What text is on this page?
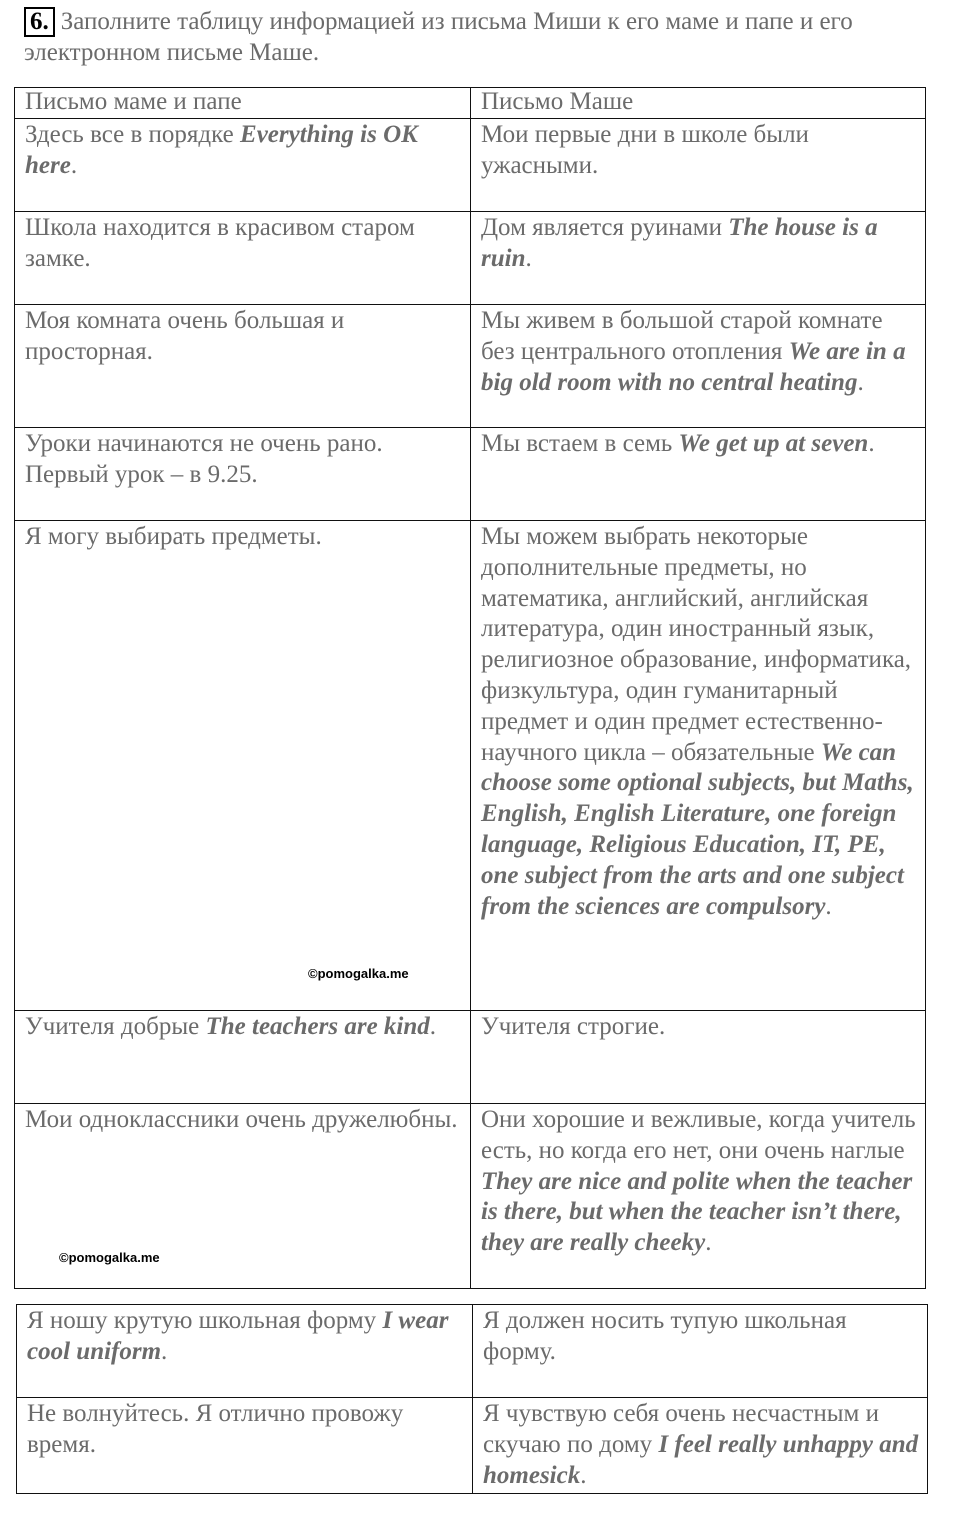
6. Заполните таблицу информацией из письма Миши к его маме и папе и его электронном письме Маше.
Письмо маме и папе	Письмо Маше
Здесь все в порядке Everything is OK here.	Мои первые дни в школе были ужасными.
Школа находится в красивом старом замке.	Дом является руинами The house is a ruin.
Моя комната очень большая и просторная.	Мы живем в большой старой комнате без центрального отопления We are in a big old room with no central heating.
Уроки начинаются не очень рано. Первый урок – в 9.25.	Мы встаем в семь We get up at seven.
Я могу выбирать предметы.	Мы можем выбрать некоторые дополнительные предметы, но математика, английский, английская литература, один иностранный язык, религиозное образование, информатика, физкультура, один гуманитарный предмет и один предмет естественно-научного цикла – обязательные We can choose some optional subjects, but Maths, English, English Literature, one foreign language, Religious Education, IT, PE, one subject from the arts and one subject from the sciences are compulsory.
Учителя добрые The teachers are kind.	Учителя строгие.
Мои одноклассники очень дружелюбны.	Они хорошие и вежливые, когда учитель есть, но когда его нет, они очень наглые They are nice and polite when the teacher is there, but when the teacher isn’t there, they are really cheeky.
Я ношу крутую школьная форму I wear cool uniform.	Я должен носить тупую школьная форму.
Не волнуйтесь. Я отлично провожу время.	Я чувствую себя очень несчастным и скучаю по дому I feel really unhappy and homesick.
©pomogalka.me
©pomogalka.me
